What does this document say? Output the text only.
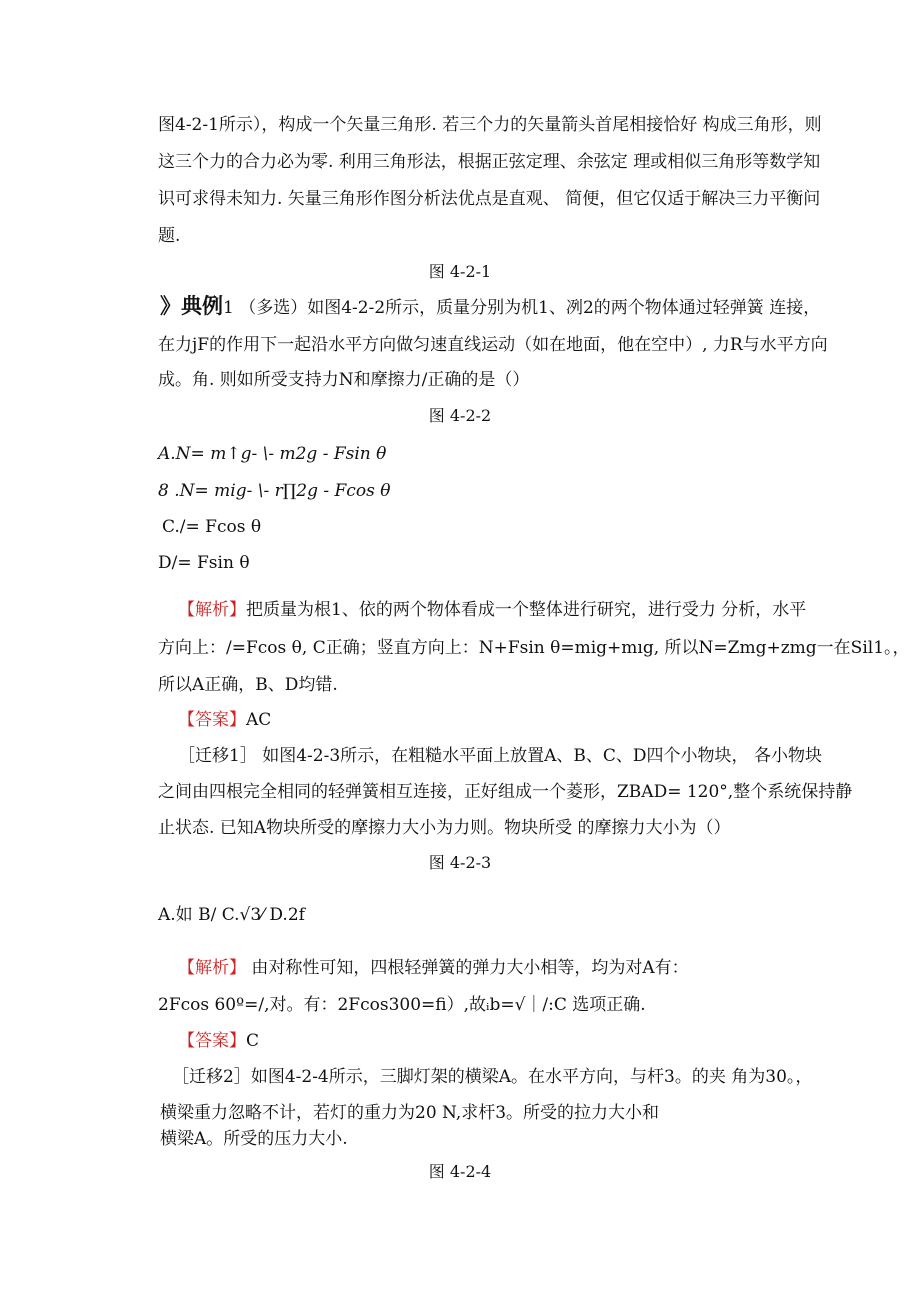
图4-2-1所示），构成一个矢量三角形. 若三个力的矢量箭头首尾相接恰好 构成三角形，则
这三个力的合力必为零. 利用三角形法，根据正弦定理、余弦定 理或相似三角形等数学知
识可求得未知力. 矢量三角形作图分析法优点是直观、 简便，但它仅适于解决三力平衡问
题.
图 4-2-1
》典例1 （多选）如图4-2-2所示，质量分别为机1、冽2的两个物体通过轻弹簧 连接，
在力jF的作用下一起沿水平方向做匀速直线运动（如在地面，他在空中）, 力R与水平方向
成。角. 则如所受支持力N和摩擦力/正确的是（）
图 4-2-2
A.N= m↑g- \- m2g - Fsin θ
8 .N= mig- \- r∏2g - Fcos θ
C./= Fcos θ
D/= Fsin θ
【解析】把质量为根1、依的两个物体看成一个整体进行研究，进行受力 分析，水平
方向上：/=Fcos θ, C正确；竖直方向上：N+Fsin θ=mig+mıg, 所以N=Zmg+zmg一在Sil1。，
所以A正确，B、D均错.
【答案】AC
［迁移1］ 如图4-2-3所示，在粗糙水平面上放置A、B、C、D四个小物块， 各小物块
之间由四根完全相同的轻弹簧相互连接，正好组成一个菱形，ZBAD= 120°,整个系统保持静
止状态. 已知A物块所受的摩擦力大小为力则。物块所受 的摩擦力大小为（）
图 4-2-3
A.如 B/ C.√3⁄ D.2f
【解析】 由对称性可知，四根轻弹簧的弹力大小相等，均为对A有：
2Fcos 60º=/,对。有：2Fcos300=fi）,故ᵢb=√｜/:C 选项正确.
【答案】C
［迁移2］如图4-2-4所示，三脚灯架的横梁A。在水平方向，与杆3。的夹 角为30。，
横梁重力忽略不计，若灯的重力为20 N,求杆3。所受的拉力大小和
横梁A。所受的压力大小.
图 4-2-4
